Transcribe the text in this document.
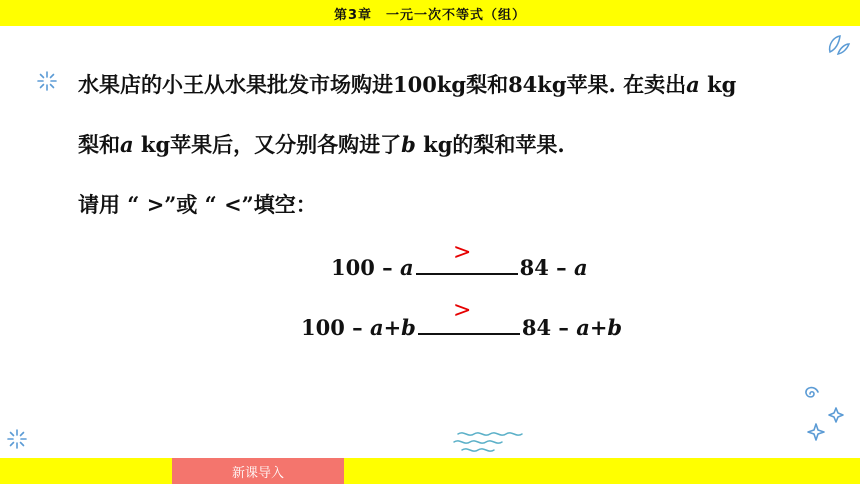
第3章　一元一次不等式（组）
水果店的小王从水果批发市场购进100kg梨和84kg苹果. 在卖出a kg
梨和a kg苹果后，又分别各购进了b kg的梨和苹果.
请用 “ >”或 “ <”填空：
100 – a	84 – a
>
100 – a+b	84 – a+b
>
新课导入
